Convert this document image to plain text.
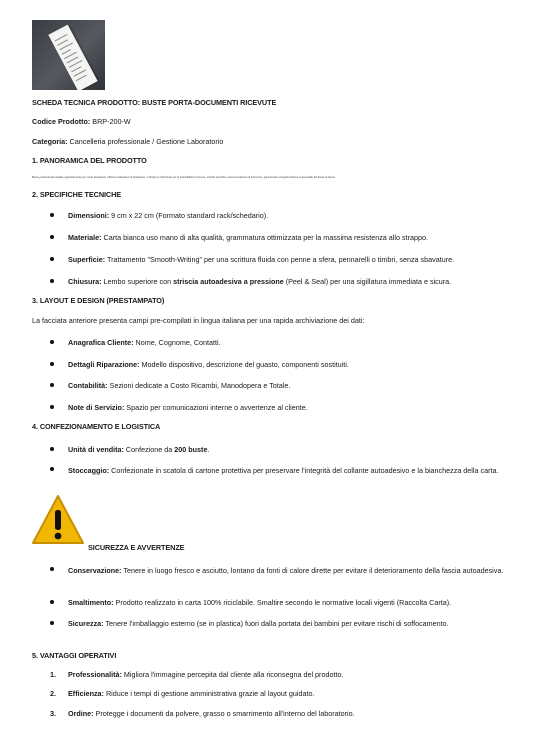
SCHEDA TECNICA PRODOTTO: BUSTE PORTA-DOCUMENTI RICEVUTE
Codice Prodotto: BRP-200-W
Categoria: Cancelleria professionale / Gestione Laboratorio
1. PANORAMICA DEL PRODOTTO
Buste professionali studiate appositamente per centri assistenza, officine e laboratori di riparazione. Il design è ottimizzato per la tracciabilità di ricevute, schede tecniche e documentazione di intervento, garantendo un'organizzazione impeccabile del flusso di lavoro.
2. SPECIFICHE TECNICHE
Dimensioni: 9 cm x 22 cm (Formato standard rack/schedario).
Materiale: Carta bianca uso mano di alta qualità, grammatura ottimizzata per la massima resistenza allo strappo.
Superficie: Trattamento "Smooth-Writing" per una scrittura fluida con penne a sfera, pennarelli o timbri, senza sbavature.
Chiusura: Lembo superiore con striscia autoadesiva a pressione (Peel & Seal) per una sigillatura immediata e sicura.
3. LAYOUT E DESIGN (PRESTAMPATO)
La facciata anteriore presenta campi pre-compilati in lingua italiana per una rapida archiviazione dei dati:
Anagrafica Cliente: Nome, Cognome, Contatti.
Dettagli Riparazione: Modello dispositivo, descrizione del guasto, componenti sostituiti.
Contabilità: Sezioni dedicate a Costo Ricambi, Manodopera e Totale.
Note di Servizio: Spazio per comunicazioni interne o avvertenze al cliente.
4. CONFEZIONAMENTO E LOGISTICA
Unità di vendita: Confezione da 200 buste.
Stoccaggio: Confezionate in scatola di cartone protettiva per preservare l'integrità del collante autoadesivo e la bianchezza della carta.
SICUREZZA E AVVERTENZE
Conservazione: Tenere in luogo fresco e asciutto, lontano da fonti di calore dirette per evitare il deterioramento della fascia autoadesiva.
Smaltimento: Prodotto realizzato in carta 100% riciclabile. Smaltire secondo le normative locali vigenti (Raccolta Carta).
Sicurezza: Tenere l'imballaggio esterno (se in plastica) fuori dalla portata dei bambini per evitare rischi di soffocamento.
5. VANTAGGI OPERATIVI
1. Professionalità: Migliora l'immagine percepita dal cliente alla riconsegna del prodotto.
2. Efficienza: Riduce i tempi di gestione amministrativa grazie al layout guidato.
3. Ordine: Protegge i documenti da polvere, grasso o smarrimento all'interno del laboratorio.
